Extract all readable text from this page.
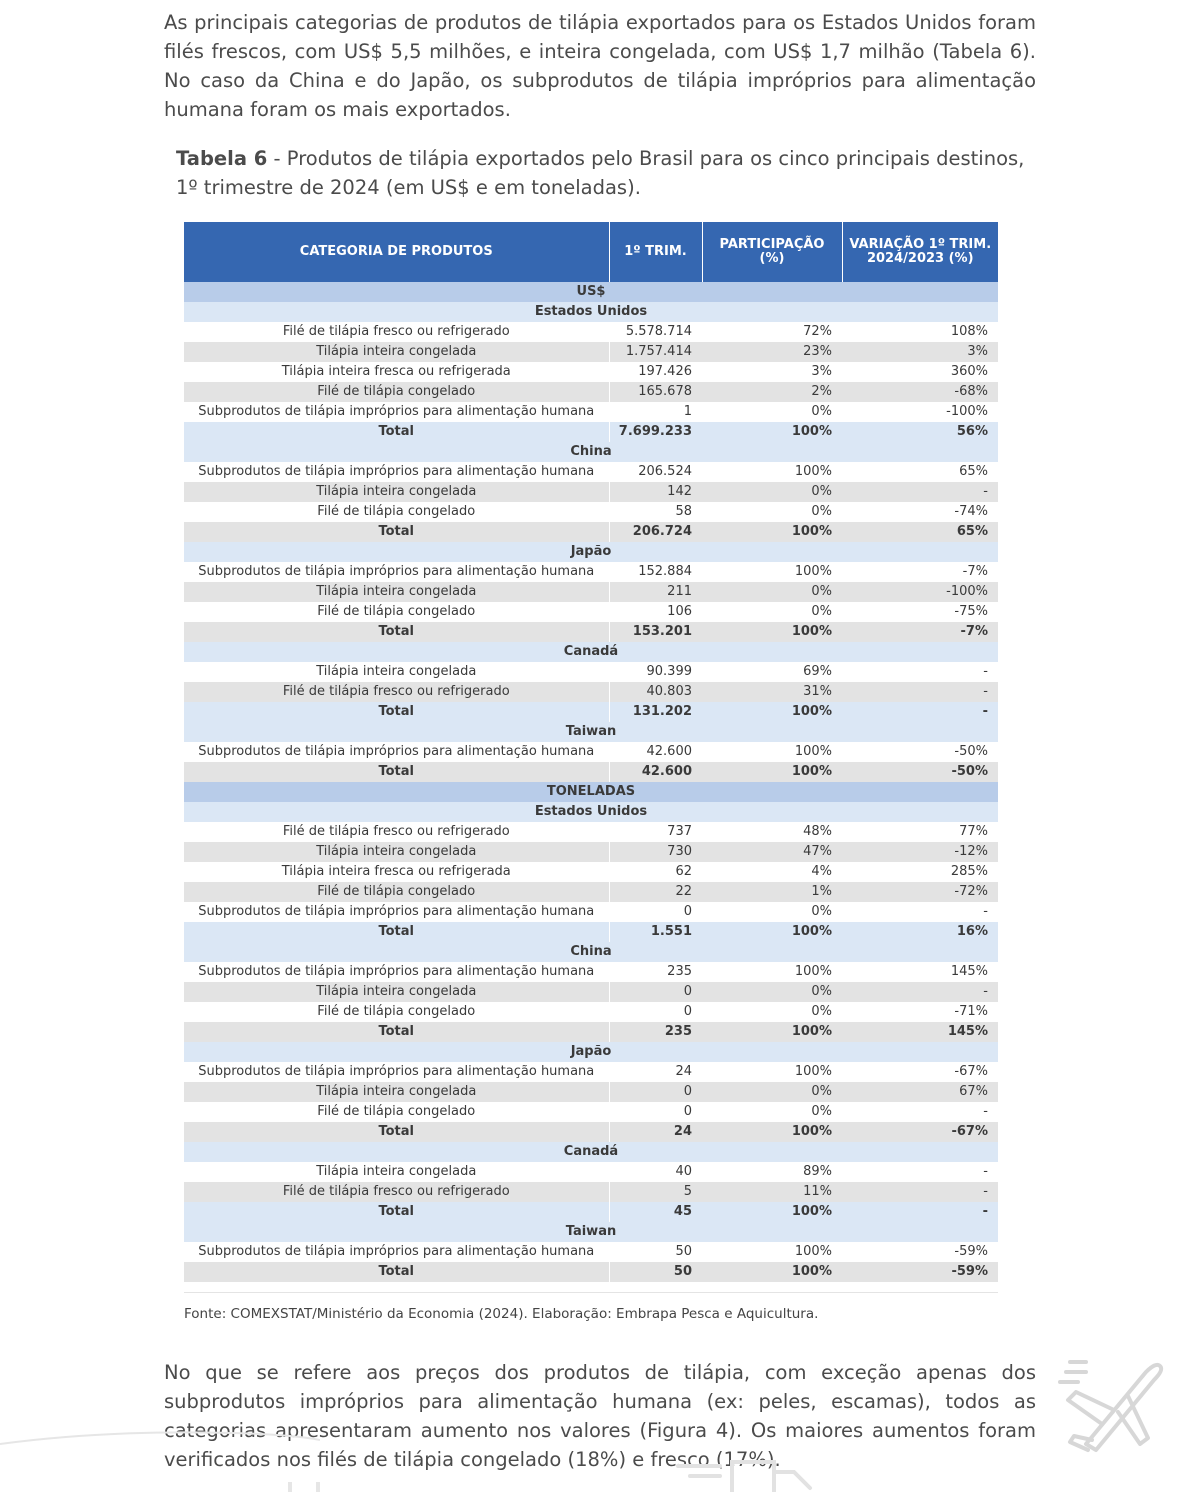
As principais categorias de produtos de tilápia exportados para os Estados Unidos foram filés frescos, com US$ 5,5 milhões, e inteira congelada, com US$ 1,7 milhão (Tabela 6). No caso da China e do Japão, os subprodutos de tilápia impróprios para alimentação humana foram os mais exportados.

Tabela 6 - Produtos de tilápia exportados pelo Brasil para os cinco principais destinos, 1º trimestre de 2024 (em US$ e em toneladas).

CATEGORIA DE PRODUTOS	1º TRIM.	PARTICIPAÇÃO (%)	VARIAÇÃO 1º TRIM. 2024/2023 (%)
US$			
Estados Unidos			
Filé de tilápia fresco ou refrigerado	5.578.714	72%	108%
Tilápia inteira congelada	1.757.414	23%	3%
Tilápia inteira fresca ou refrigerada	197.426	3%	360%
Filé de tilápia congelado	165.678	2%	-68%
Subprodutos de tilápia impróprios para alimentação humana	1	0%	-100%
Total	7.699.233	100%	56%
China			
Subprodutos de tilápia impróprios para alimentação humana	206.524	100%	65%
Tilápia inteira congelada	142	0%	-
Filé de tilápia congelado	58	0%	-74%
Total	206.724	100%	65%
Japão			
Subprodutos de tilápia impróprios para alimentação humana	152.884	100%	-7%
Tilápia inteira congelada	211	0%	-100%
Filé de tilápia congelado	106	0%	-75%
Total	153.201	100%	-7%
Canadá			
Tilápia inteira congelada	90.399	69%	-
Filé de tilápia fresco ou refrigerado	40.803	31%	-
Total	131.202	100%	-
Taiwan			
Subprodutos de tilápia impróprios para alimentação humana	42.600	100%	-50%
Total	42.600	100%	-50%
TONELADAS			
Estados Unidos			
Filé de tilápia fresco ou refrigerado	737	48%	77%
Tilápia inteira congelada	730	47%	-12%
Tilápia inteira fresca ou refrigerada	62	4%	285%
Filé de tilápia congelado	22	1%	-72%
Subprodutos de tilápia impróprios para alimentação humana	0	0%	-
Total	1.551	100%	16%
China			
Subprodutos de tilápia impróprios para alimentação humana	235	100%	145%
Tilápia inteira congelada	0	0%	-
Filé de tilápia congelado	0	0%	-71%
Total	235	100%	145%
Japão			
Subprodutos de tilápia impróprios para alimentação humana	24	100%	-67%
Tilápia inteira congelada	0	0%	67%
Filé de tilápia congelado	0	0%	-
Total	24	100%	-67%
Canadá			
Tilápia inteira congelada	40	89%	-
Filé de tilápia fresco ou refrigerado	5	11%	-
Total	45	100%	-
Taiwan			
Subprodutos de tilápia impróprios para alimentação humana	50	100%	-59%
Total	50	100%	-59%
Fonte: COMEXSTAT/Ministério da Economia (2024). Elaboração: Embrapa Pesca e Aquicultura.

No que se refere aos preços dos produtos de tilápia, com exceção apenas dos subprodutos impróprios para alimentação humana (ex: peles, escamas), todos as categorias apresentaram aumento nos valores (Figura 4). Os maiores aumentos foram verificados nos filés de tilápia congelado (18%) e fresco (17%).
